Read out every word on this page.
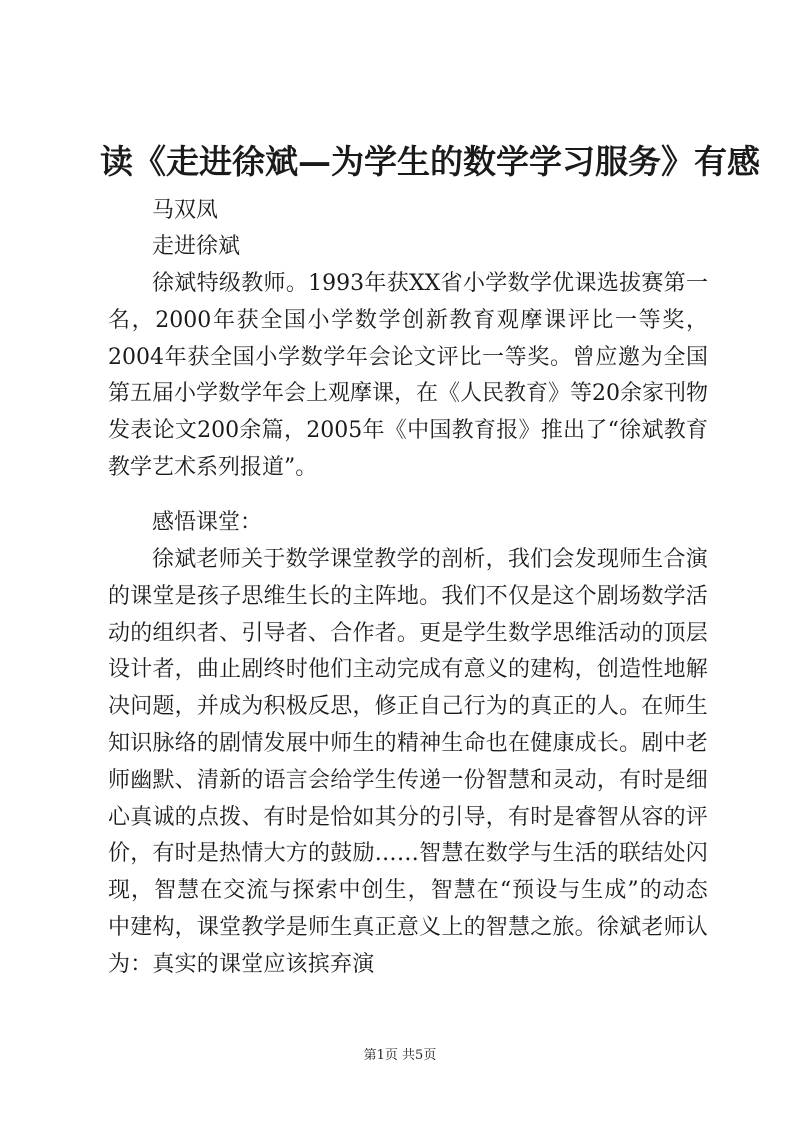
读《走进徐斌—为学生的数学学习服务》有感
马双凤
走进徐斌
徐斌特级教师。1993年获XX省小学数学优课选拔赛第一名，2000年获全国小学数学创新教育观摩课评比一等奖，2004年获全国小学数学年会论文评比一等奖。曾应邀为全国第五届小学数学年会上观摩课，在《人民教育》等20余家刊物发表论文200余篇，2005年《中国教育报》推出了“徐斌教育教学艺术系列报道”。
感悟课堂：
徐斌老师关于数学课堂教学的剖析，我们会发现师生合演的课堂是孩子思维生长的主阵地。我们不仅是这个剧场数学活动的组织者、引导者、合作者。更是学生数学思维活动的顶层设计者，曲止剧终时他们主动完成有意义的建构，创造性地解决问题，并成为积极反思，修正自己行为的真正的人。在师生知识脉络的剧情发展中师生的精神生命也在健康成长。剧中老师幽默、清新的语言会给学生传递一份智慧和灵动，有时是细心真诚的点拨、有时是恰如其分的引导，有时是睿智从容的评价，有时是热情大方的鼓励……智慧在数学与生活的联结处闪现，智慧在交流与探索中创生，智慧在“预设与生成”的动态中建构，课堂教学是师生真正意义上的智慧之旅。徐斌老师认为：真实的课堂应该摈弃演
第1页 共5页
